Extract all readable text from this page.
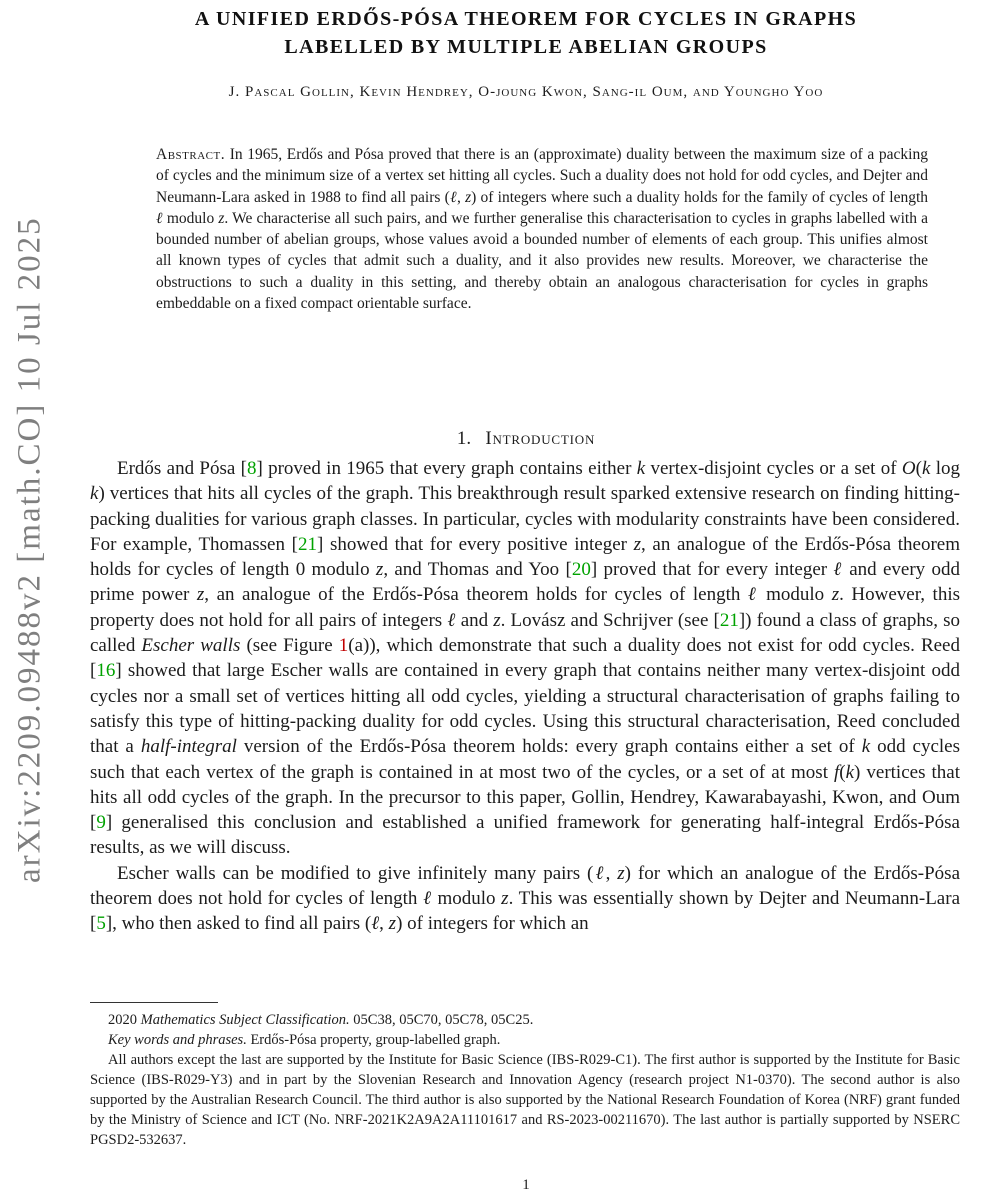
arXiv:2209.09488v2 [math.CO] 10 Jul 2025
A UNIFIED ERDŐS-PÓSA THEOREM FOR CYCLES IN GRAPHS
LABELLED BY MULTIPLE ABELIAN GROUPS
J. Pascal Gollin, Kevin Hendrey, O-joung Kwon, Sang-il Oum, and Youngho Yoo
Abstract. In 1965, Erdős and Pósa proved that there is an (approximate) duality between the maximum size of a packing of cycles and the minimum size of a vertex set hitting all cycles. Such a duality does not hold for odd cycles, and Dejter and Neumann-Lara asked in 1988 to find all pairs (ℓ, z) of integers where such a duality holds for the family of cycles of length ℓ modulo z. We characterise all such pairs, and we further generalise this characterisation to cycles in graphs labelled with a bounded number of abelian groups, whose values avoid a bounded number of elements of each group. This unifies almost all known types of cycles that admit such a duality, and it also provides new results. Moreover, we characterise the obstructions to such a duality in this setting, and thereby obtain an analogous characterisation for cycles in graphs embeddable on a fixed compact orientable surface.
1. Introduction

Erdős and Pósa [8] proved in 1965 that every graph contains either k vertex-disjoint cycles or a set of O(k log k) vertices that hits all cycles of the graph. This breakthrough result sparked extensive research on finding hitting-packing dualities for various graph classes. In particular, cycles with modularity constraints have been considered. For example, Thomassen [21] showed that for every positive integer z, an analogue of the Erdős-Pósa theorem holds for cycles of length 0 modulo z, and Thomas and Yoo [20] proved that for every integer ℓ and every odd prime power z, an analogue of the Erdős-Pósa theorem holds for cycles of length ℓ modulo z. However, this property does not hold for all pairs of integers ℓ and z. Lovász and Schrijver (see [21]) found a class of graphs, so called Escher walls (see Figure 1(a)), which demonstrate that such a duality does not exist for odd cycles. Reed [16] showed that large Escher walls are contained in every graph that contains neither many vertex-disjoint odd cycles nor a small set of vertices hitting all odd cycles, yielding a structural characterisation of graphs failing to satisfy this type of hitting-packing duality for odd cycles. Using this structural characterisation, Reed concluded that a half-integral version of the Erdős-Pósa theorem holds: every graph contains either a set of k odd cycles such that each vertex of the graph is contained in at most two of the cycles, or a set of at most f(k) vertices that hits all odd cycles of the graph. In the precursor to this paper, Gollin, Hendrey, Kawarabayashi, Kwon, and Oum [9] generalised this conclusion and established a unified framework for generating half-integral Erdős-Pósa results, as we will discuss.

Escher walls can be modified to give infinitely many pairs (ℓ, z) for which an analogue of the Erdős-Pósa theorem does not hold for cycles of length ℓ modulo z. This was essentially shown by Dejter and Neumann-Lara [5], who then asked to find all pairs (ℓ, z) of integers for which an

2020 Mathematics Subject Classification. 05C38, 05C70, 05C78, 05C25.

Key words and phrases. Erdős-Pósa property, group-labelled graph.

All authors except the last are supported by the Institute for Basic Science (IBS-R029-C1). The first author is supported by the Institute for Basic Science (IBS-R029-Y3) and in part by the Slovenian Research and Innovation Agency (research project N1-0370). The second author is also supported by the Australian Research Council. The third author is also supported by the National Research Foundation of Korea (NRF) grant funded by the Ministry of Science and ICT (No. NRF-2021K2A9A2A11101617 and RS-2023-00211670). The last author is partially supported by NSERC PGSD2-532637.

1
